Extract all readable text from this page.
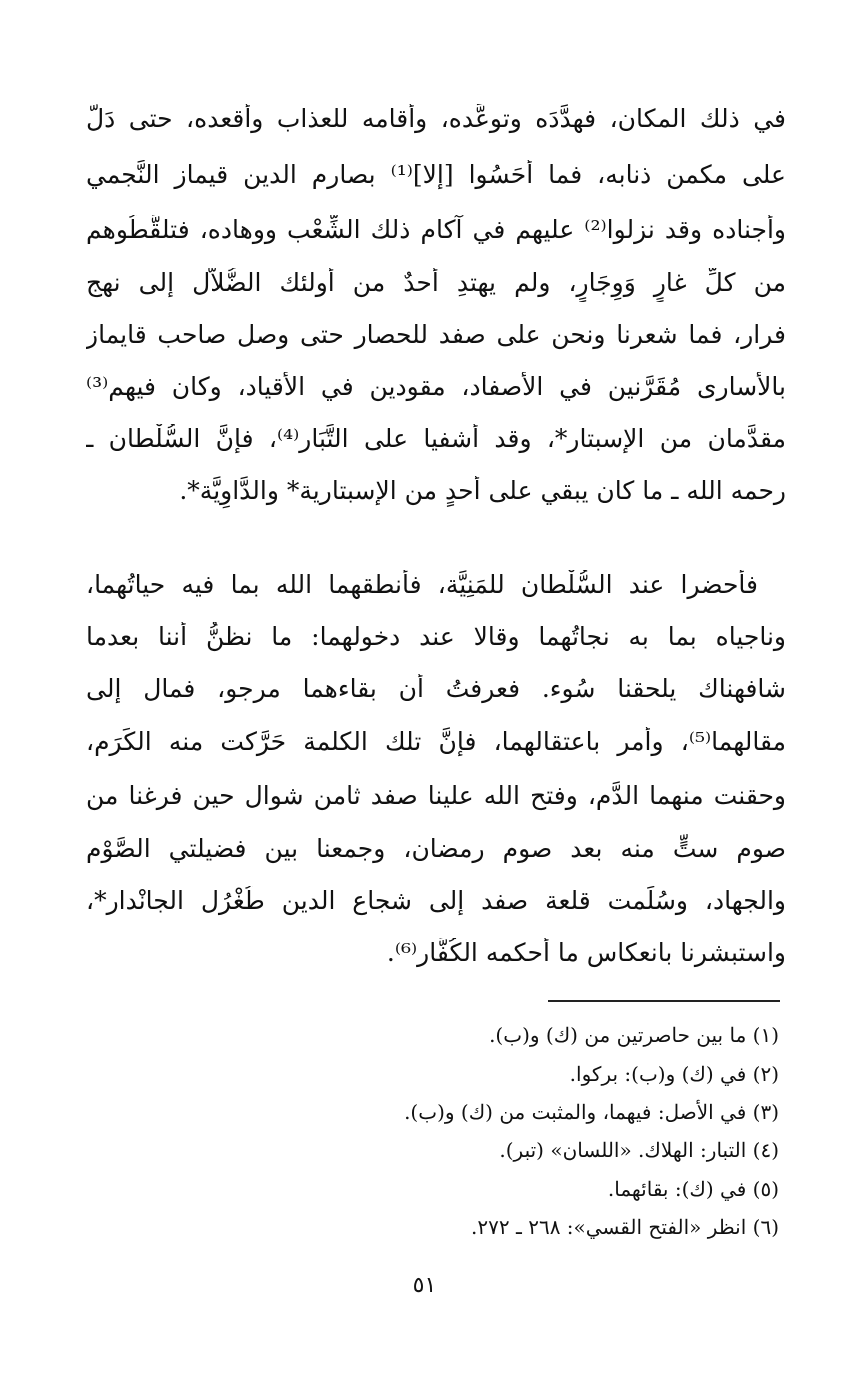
في ذلك المكان، فهدَّدَه وتوعَّده، وأقامه للعذاب وأقعده، حتى دَلَّ
على مكمن ذنابه، فما أَحَسُوا [إلا]⁽¹⁾ بصارم الدين قيماز النَّجمي
وأجناده وقد نزلوا⁽²⁾ عليهم في آكام ذلك الشِّعْب ووهاده، فتلقَّطُوهم
من كلِّ غارٍ وَوِجَارٍ، ولم يهتدِ أحدٌ من أولئك الضُّلاَّل إلى نهج
فرار، فما شعرنا ونحن على صفد للحصار حتى وصل صاحب قايماز
بالأسارى مُقَرَّنين في الأصفاد، مقودين في الأقياد، وكان فيهم⁽³⁾
مقدَّمان من الإسبتار*، وقد أشفيا على التَّبَار⁽⁴⁾، فإنَّ السُّلْطان ـ
رحمه الله ـ ما كان يبقي على أحدٍ من الإسبتارية* والدَّاوِيَّة*.
فأُحضرا عند السُّلْطان للمَنِيَّة، فأنطقهما الله بما فيه حياتُهما،
وناجياه بما به نجاتُهما وقالا عند دخولهما: ما نظنُّ أننا بعدما
شافهناك يلحقنا سُوء. فعرفتُ أن بقاءهما مرجو، فمال إلى
مقالهما⁽⁵⁾، وأمر باعتقالهما، فإنَّ تلك الكلمة حَرَّكت منه الكَرَم،
وحقنت منهما الدَّم، وفتح الله علينا صفد ثامن شوال حين فرغنا من
صوم ستٍّ منه بعد صوم رمضان، وجمعنا بين فضيلتي الصَّوْم
والجهاد، وسُلِّمت قلعة صفد إلى شجاع الدين طُغْرُل الجانْدار*،
واستبشرنا بانعكاس ما أحكمه الكُفَّار⁽⁶⁾.
(١) ما بين حاصرتين من (ك) و(ب).
(٢) في (ك) و(ب): بركوا.
(٣) في الأصل: فيهما، والمثبت من (ك) و(ب).
(٤) التبار: الهلاك. «اللسان» (تبر).
(٥) في (ك): بقائهما.
(٦) انظر «الفتح القسي»: ٢٦٨ ـ ٢٧٢.
٥١
